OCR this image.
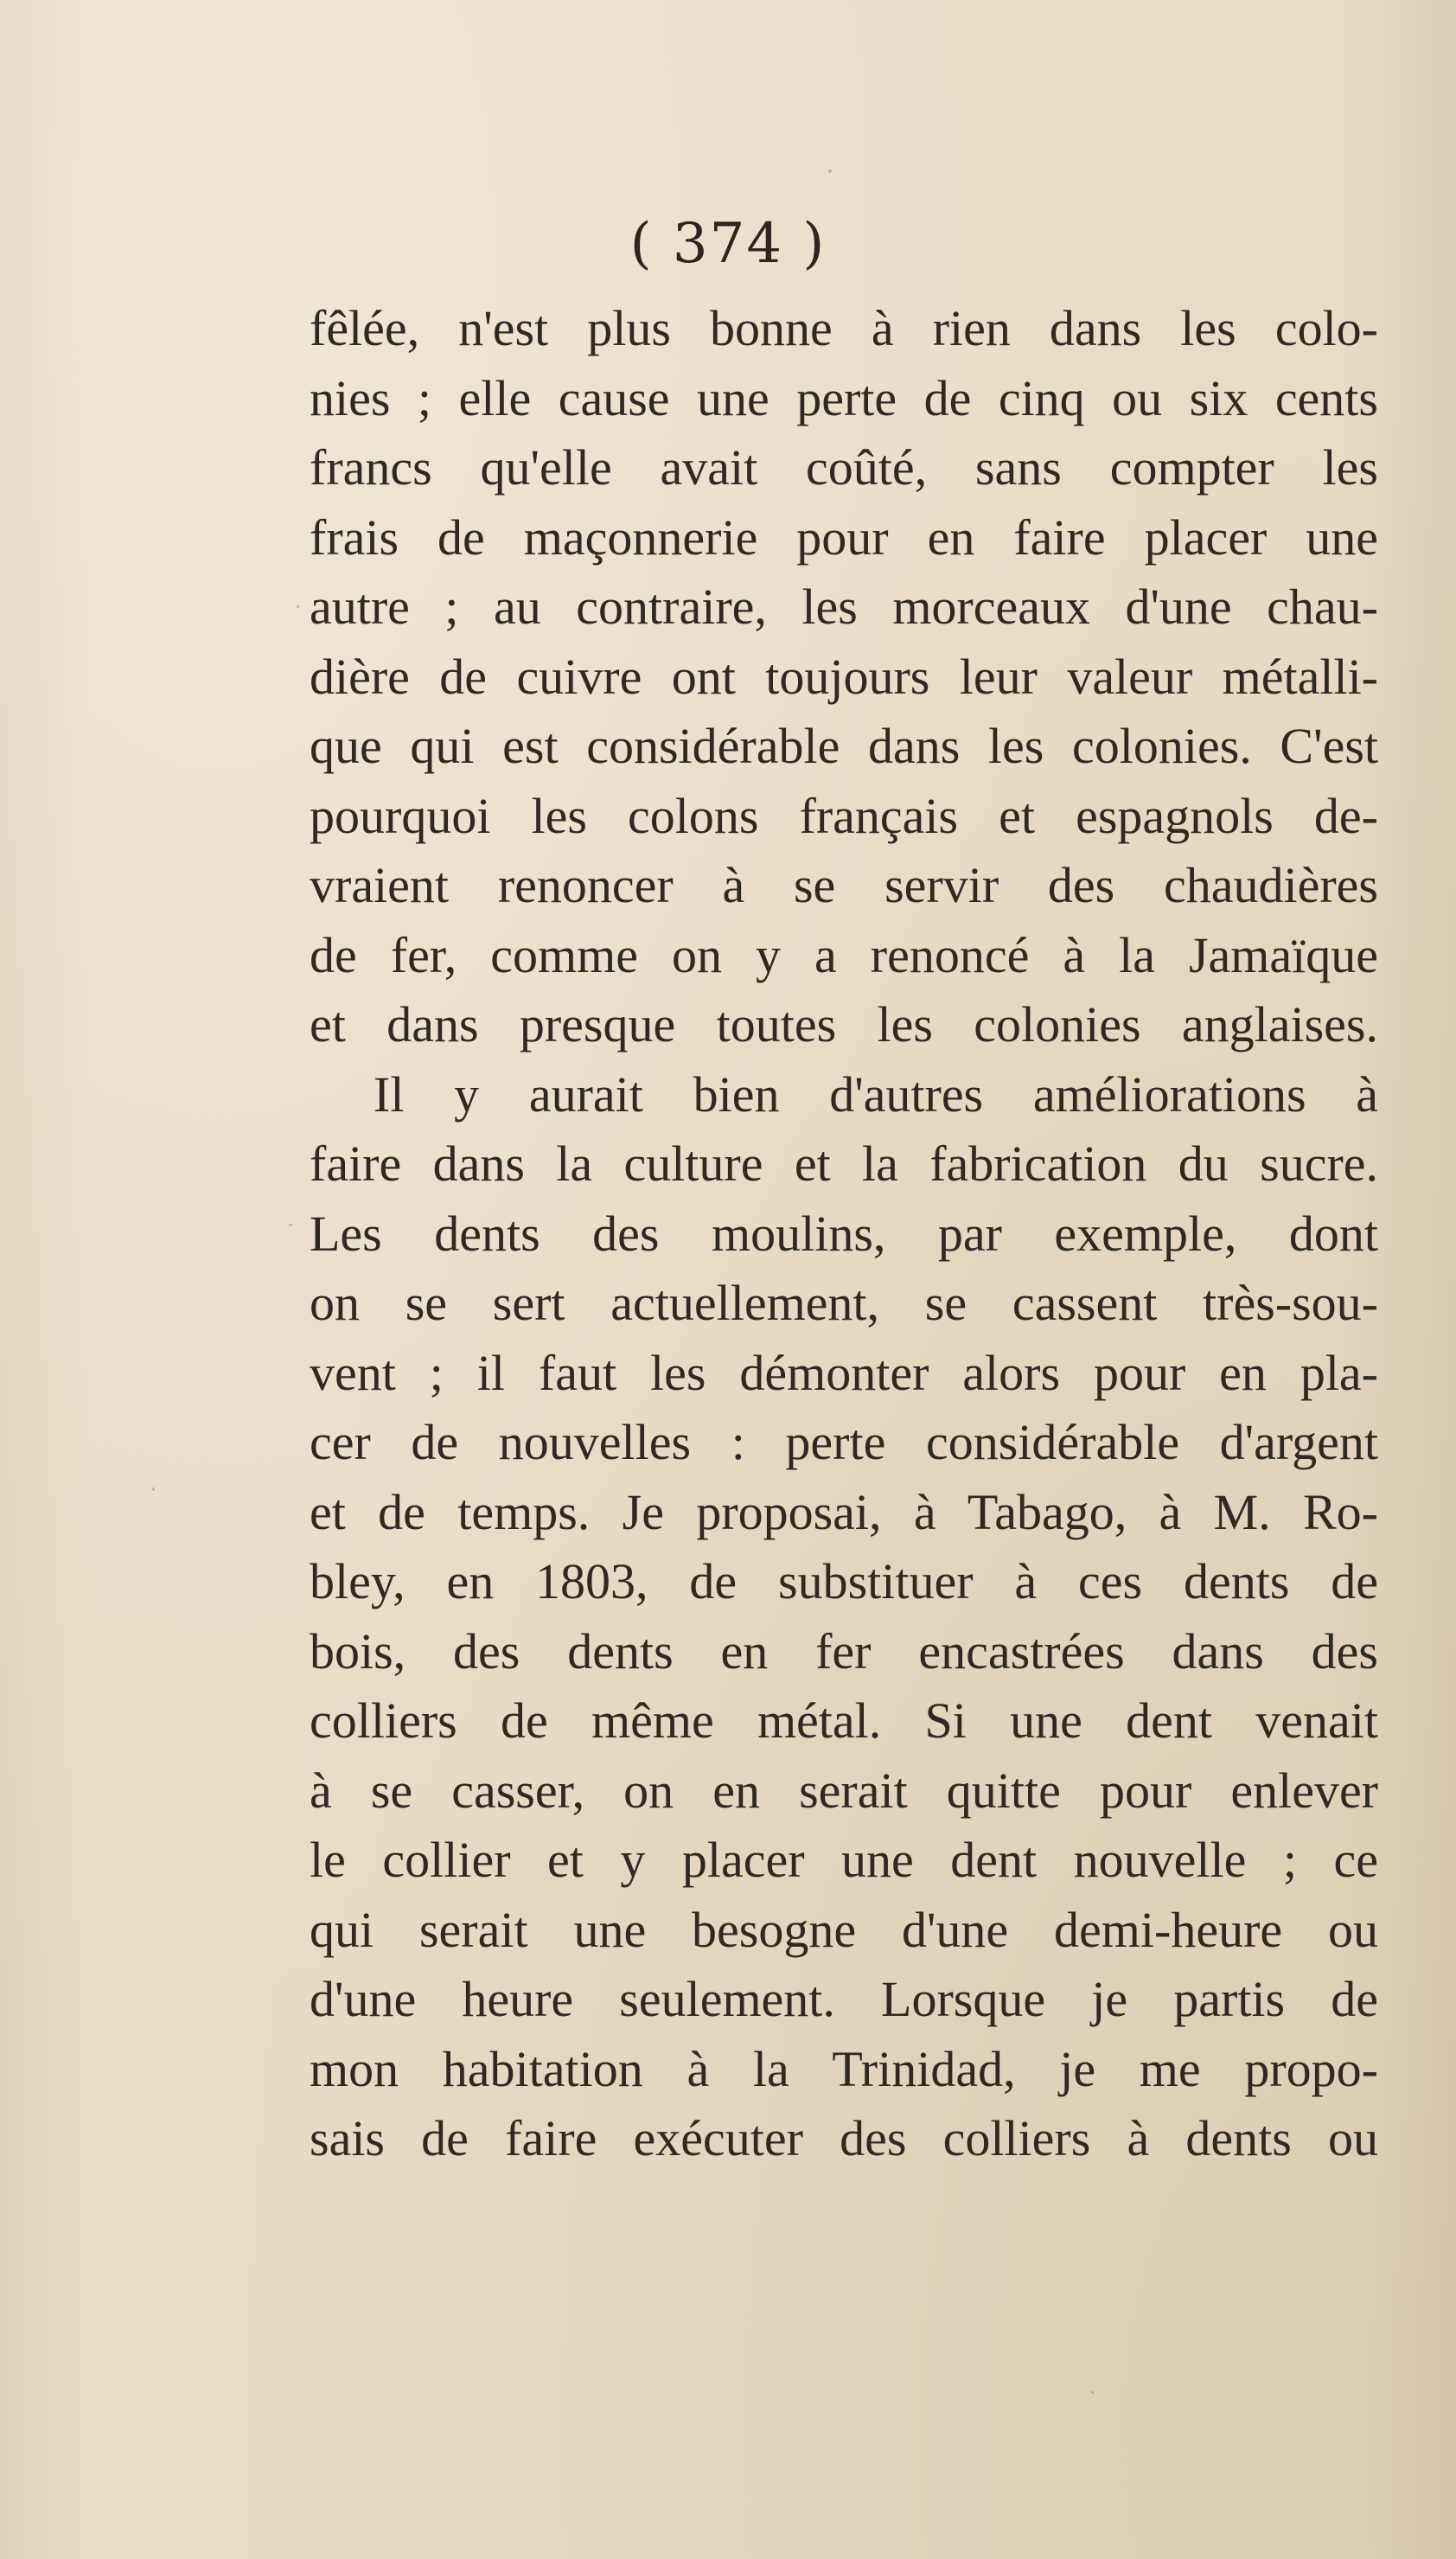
( 374 )
fêlée, n'est plus bonne à rien dans les colo-
nies ; elle cause une perte de cinq ou six cents
francs qu'elle avait coûté, sans compter les
frais de maçonnerie pour en faire placer une
autre ; au contraire, les morceaux d'une chau-
dière de cuivre ont toujours leur valeur métalli-
que qui est considérable dans les colonies. C'est
pourquoi les colons français et espagnols de-
vraient renoncer à se servir des chaudières
de fer, comme on y a renoncé à la Jamaïque
et dans presque toutes les colonies anglaises.
Il y aurait bien d'autres améliorations à
faire dans la culture et la fabrication du sucre.
Les dents des moulins, par exemple, dont
on se sert actuellement, se cassent très-sou-
vent ; il faut les démonter alors pour en pla-
cer de nouvelles : perte considérable d'argent
et de temps. Je proposai, à Tabago, à M. Ro-
bley, en 1803, de substituer à ces dents de
bois, des dents en fer encastrées dans des
colliers de même métal. Si une dent venait
à se casser, on en serait quitte pour enlever
le collier et y placer une dent nouvelle ; ce
qui serait une besogne d'une demi-heure ou
d'une heure seulement. Lorsque je partis de
mon habitation à la Trinidad, je me propo-
sais de faire exécuter des colliers à dents ou
